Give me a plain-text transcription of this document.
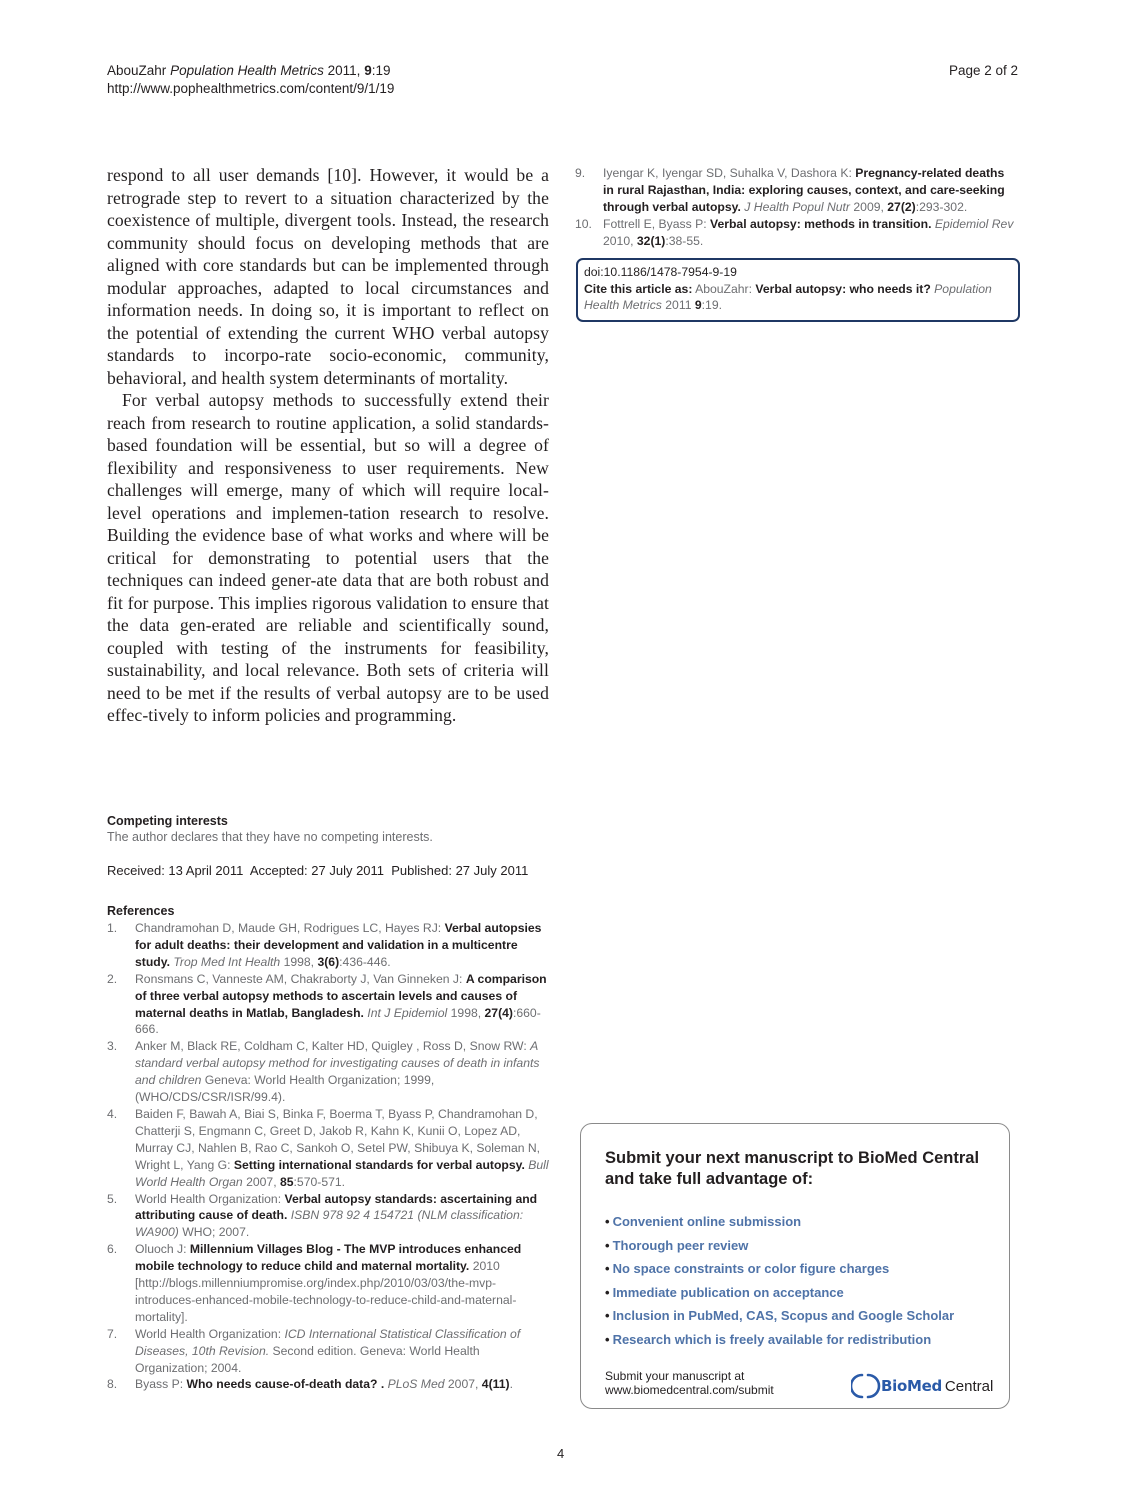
AbouZahr Population Health Metrics 2011, 9:19
http://www.pophealthmetrics.com/content/9/1/19
Page 2 of 2

respond to all user demands [10]. However, it would be a retrograde step to revert to a situation characterized by the coexistence of multiple, divergent tools. Instead, the research community should focus on developing methods that are aligned with core standards but can be implemented through modular approaches, adapted to local circumstances and information needs. In doing so, it is important to reflect on the potential of extending the current WHO verbal autopsy standards to incorpo-rate socio-economic, community, behavioral, and health system determinants of mortality.

For verbal autopsy methods to successfully extend their reach from research to routine application, a solid standards-based foundation will be essential, but so will a degree of flexibility and responsiveness to user requirements. New challenges will emerge, many of which will require local-level operations and implemen-tation research to resolve. Building the evidence base of what works and where will be critical for demonstrating to potential users that the techniques can indeed gener-ate data that are both robust and fit for purpose. This implies rigorous validation to ensure that the data gen-erated are reliable and scientifically sound, coupled with testing of the instruments for feasibility, sustainability, and local relevance. Both sets of criteria will need to be met if the results of verbal autopsy are to be used effec-tively to inform policies and programming.

Competing interests
The author declares that they have no competing interests.
Received: 13 April 2011  Accepted: 27 July 2011  Published: 27 July 2011
References
1.	Chandramohan D, Maude GH, Rodrigues LC, Hayes RJ: Verbal autopsies for adult deaths: their development and validation in a multicentre study. Trop Med Int Health 1998, 3(6):436-446.
2.	Ronsmans C, Vanneste AM, Chakraborty J, Van Ginneken J: A comparison of three verbal autopsy methods to ascertain levels and causes of maternal deaths in Matlab, Bangladesh. Int J Epidemiol 1998, 27(4):660-666.
3.	Anker M, Black RE, Coldham C, Kalter HD, Quigley , Ross D, Snow RW: A standard verbal autopsy method for investigating causes of death in infants and children Geneva: World Health Organization; 1999, (WHO/CDS/CSR/ISR/99.4).
4.	Baiden F, Bawah A, Biai S, Binka F, Boerma T, Byass P, Chandramohan D, Chatterji S, Engmann C, Greet D, Jakob R, Kahn K, Kunii O, Lopez AD, Murray CJ, Nahlen B, Rao C, Sankoh O, Setel PW, Shibuya K, Soleman N, Wright L, Yang G: Setting international standards for verbal autopsy. Bull World Health Organ 2007, 85:570-571.
5.	World Health Organization: Verbal autopsy standards: ascertaining and attributing cause of death. ISBN 978 92 4 154721 (NLM classification: WA900) WHO; 2007.
6.	Oluoch J: Millennium Villages Blog - The MVP introduces enhanced mobile technology to reduce child and maternal mortality. 2010 [http://blogs.millenniumpromise.org/index.php/2010/03/03/the-mvp-introduces-enhanced-mobile-technology-to-reduce-child-and-maternal-mortality].
7.	World Health Organization: ICD International Statistical Classification of Diseases, 10th Revision. Second edition. Geneva: World Health Organization; 2004.
8.	Byass P: Who needs cause-of-death data? . PLoS Med 2007, 4(11).
9.	Iyengar K, Iyengar SD, Suhalka V, Dashora K: Pregnancy-related deaths in rural Rajasthan, India: exploring causes, context, and care-seeking through verbal autopsy. J Health Popul Nutr 2009, 27(2):293-302.
10. Fottrell E, Byass P: Verbal autopsy: methods in transition. Epidemiol Rev 2010, 32(1):38-55.
doi:10.1186/1478-7954-9-19
Cite this article as: AbouZahr: Verbal autopsy: who needs it? Population Health Metrics 2011 9:19.
Submit your next manuscript to BioMed Central
and take full advantage of:
• Convenient online submission
• Thorough peer review
• No space constraints or color figure charges
• Immediate publication on acceptance
• Inclusion in PubMed, CAS, Scopus and Google Scholar
• Research which is freely available for redistribution
Submit your manuscript at
www.biomedcentral.com/submit	BioMed Central
4
